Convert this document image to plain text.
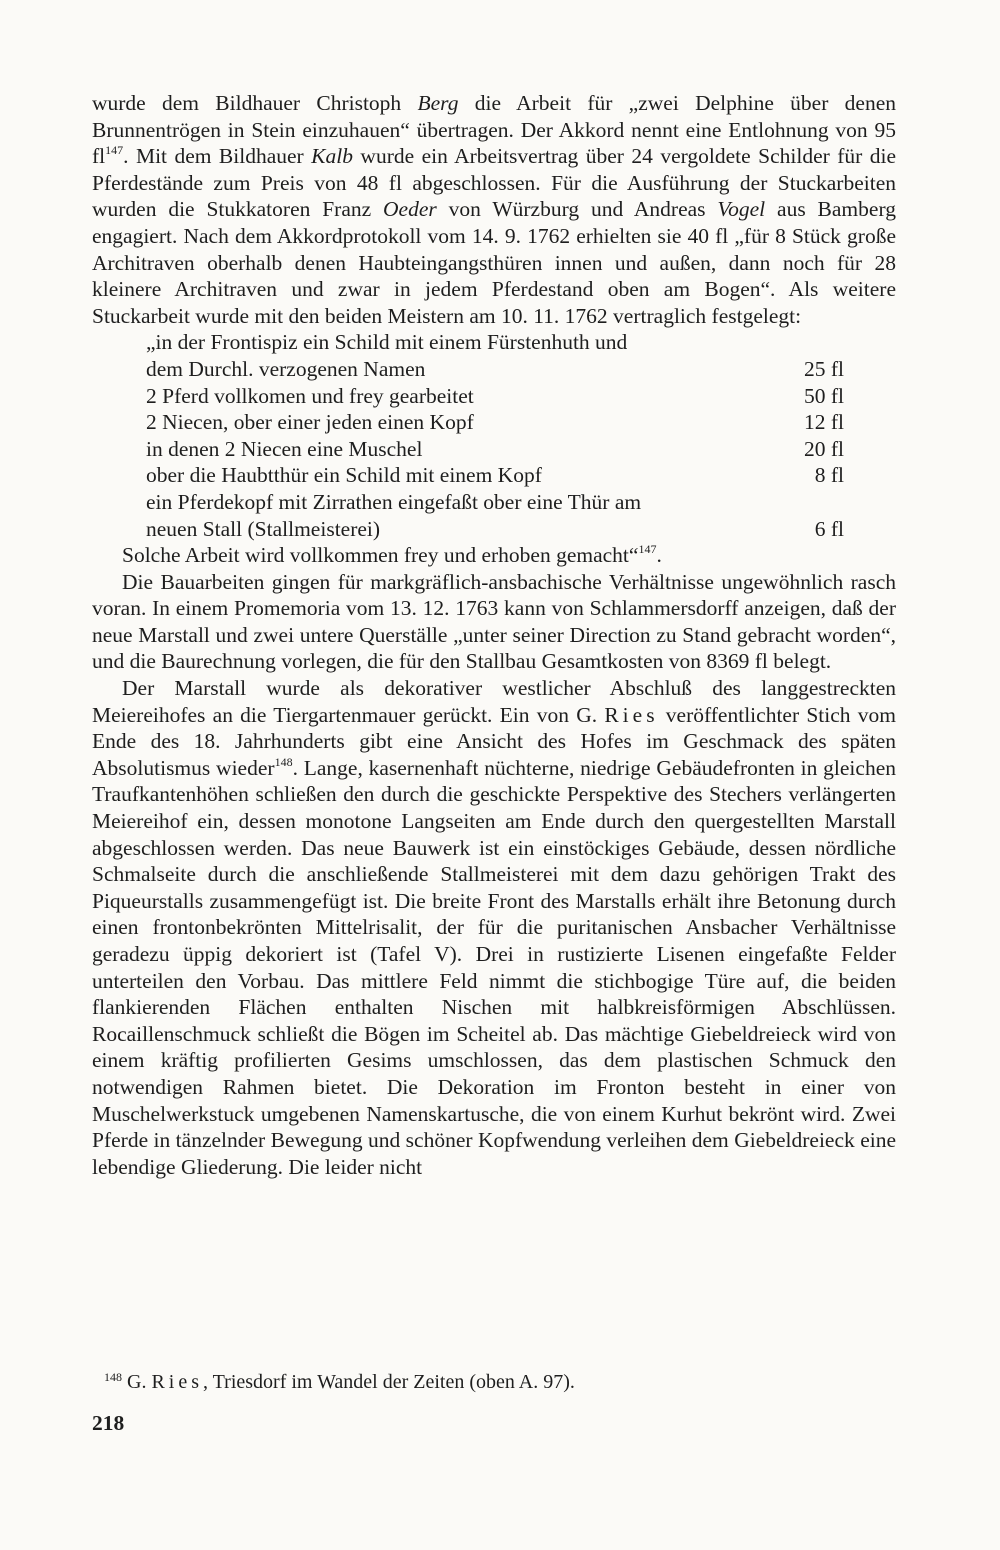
wurde dem Bildhauer Christoph Berg die Arbeit für „zwei Delphine über denen Brunnentrögen in Stein einzuhauen“ übertragen. Der Akkord nennt eine Entlohnung von 95 $fl^{147}$. Mit dem Bildhauer Kalb wurde ein Arbeitsvertrag über 24 vergoldete Schilder für die Pferdestände zum Preis von 48 fl abgeschlossen. Für die Ausführung der Stuckarbeiten wurden die Stukkatoren Franz Oeder von Würzburg und Andreas Vogel aus Bamberg engagiert. Nach dem Akkordprotokoll vom 14. 9. 1762 erhielten sie 40 fl „für 8 Stück große Architraven oberhalb denen Haubteingangsthüren innen und außen, dann noch für 28 kleinere Architraven und zwar in jedem Pferdestand oben am Bogen“. Als weitere Stuckarbeit wurde mit den beiden Meistern am 10. 11. 1762 vertraglich festgelegt:

„in der Frontispiz ein Schild mit einem Fürstenhuth und
dem Durchl. verzogenen Namen	25 fl
2 Pferd vollkomen und frey gearbeitet	50 fl
2 Niecen, ober einer jeden einen Kopf	12 fl
in denen 2 Niecen eine Muschel	20 fl
ober die Haubtthür ein Schild mit einem Kopf	8 fl
ein Pferdekopf mit Zirrathen eingefaßt ober eine Thür am
neuen Stall (Stallmeisterei)	6 fl

Solche Arbeit wird vollkommen frey und erhoben gemacht“$^{147}$.

Die Bauarbeiten gingen für markgräflich-ansbachische Verhältnisse ungewöhnlich rasch voran. In einem Promemoria vom 13. 12. 1763 kann von Schlammersdorff anzeigen, daß der neue Marstall und zwei untere Querställe „unter seiner Direction zu Stand gebracht worden“, und die Baurechnung vorlegen, die für den Stallbau Gesamtkosten von 8369 fl belegt.

Der Marstall wurde als dekorativer westlicher Abschluß des langgestreckten Meiereihofes an die Tiergartenmauer gerückt. Ein von G. Ries veröffentlichter Stich vom Ende des 18. Jahrhunderts gibt eine Ansicht des Hofes im Geschmack des späten Absolutismus wieder$^{148}$. Lange, kasernenhaft nüchterne, niedrige Gebäudefronten in gleichen Traufkantenhöhen schließen den durch die geschickte Perspektive des Stechers verlängerten Meiereihof ein, dessen monotone Langseiten am Ende durch den quergestellten Marstall abgeschlossen werden. Das neue Bauwerk ist ein einstöckiges Gebäude, dessen nördliche Schmalseite durch die anschließende Stallmeisterei mit dem dazu gehörigen Trakt des Piqueurstalls zusammengefügt ist. Die breite Front des Marstalls erhält ihre Betonung durch einen frontonbekrönten Mittelrisalit, der für die puritanischen Ansbacher Verhältnisse geradezu üppig dekoriert ist (Tafel V). Drei in rustizierte Lisenen eingefaßte Felder unterteilen den Vorbau. Das mittlere Feld nimmt die stichbogige Türe auf, die beiden flankierenden Flächen enthalten Nischen mit halbkreisförmigen Abschlüssen. Rocaillenschmuck schließt die Bögen im Scheitel ab. Das mächtige Giebeldreieck wird von einem kräftig profilierten Gesims umschlossen, das dem plastischen Schmuck den notwendigen Rahmen bietet. Die Dekoration im Fronton besteht in einer von Muschelwerkstuck umgebenen Namenskartusche, die von einem Kurhut bekrönt wird. Zwei Pferde in tänzelnder Bewegung und schöner Kopfwendung verleihen dem Giebeldreieck eine lebendige Gliederung. Die leider nicht

$^{148}$ G. Ries, Triesdorf im Wandel der Zeiten (oben A. 97).
218
